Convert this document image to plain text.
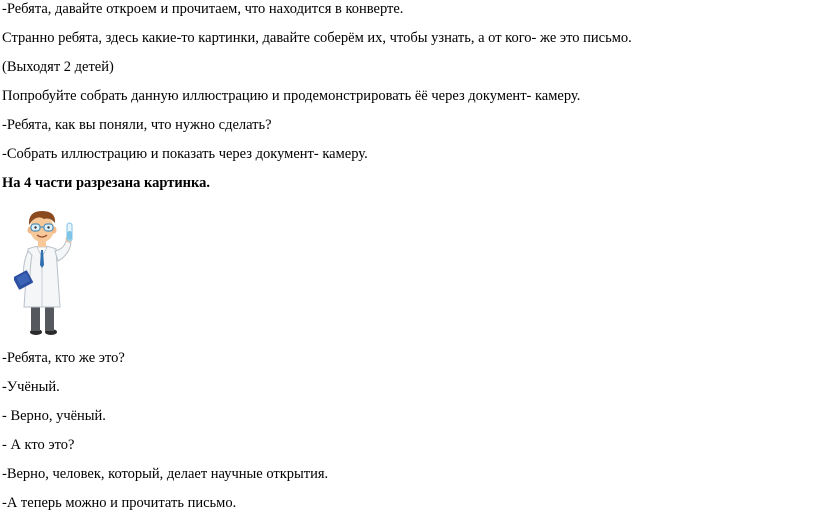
-Ребята, давайте откроем и прочитаем, что находится в конверте.

Странно ребята, здесь какие-то картинки, давайте соберём их, чтобы узнать, а от кого- же это письмо.

(Выходят 2 детей)

Попробуйте собрать данную иллюстрацию и продемонстрировать ёё через документ- камеру.

-Ребята, как вы поняли, что нужно сделать?

-Собрать иллюстрацию и показать через документ- камеру.

На 4 части разрезана картинка.

-Ребята, кто же это?

-Учёный.

- Верно, учёный.

- А кто это?

-Верно, человек, который, делает научные открытия.

-А теперь можно и прочитать письмо.
